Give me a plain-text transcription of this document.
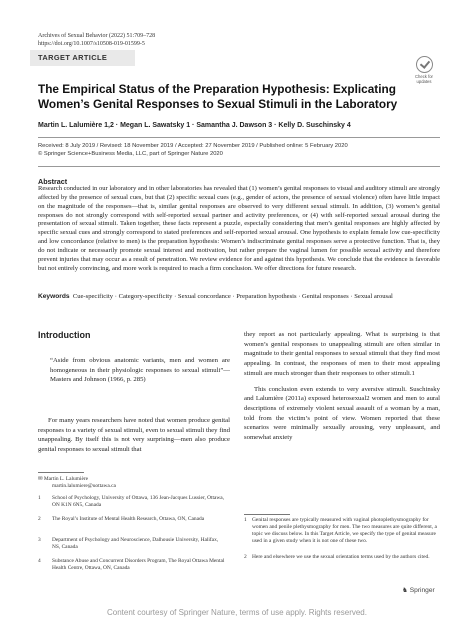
Archives of Sexual Behavior (2022) 51:709–728
https://doi.org/10.1007/s10508-019-01599-5
TARGET ARTICLE
Check for
updates
The Empirical Status of the Preparation Hypothesis: Explicating
Women’s Genital Responses to Sexual Stimuli in the Laboratory
Martin L. Lalumière 1,2 · Megan L. Sawatsky 1 · Samantha J. Dawson 3 · Kelly D. Suschinsky 4
Received: 8 July 2019 / Revised: 18 November 2019 / Accepted: 27 November 2019 / Published online: 5 February 2020
© Springer Science+Business Media, LLC, part of Springer Nature 2020
Abstract
Research conducted in our laboratory and in other laboratories has revealed that (1) women’s genital responses to visual and auditory stimuli are strongly affected by the presence of sexual cues, but that (2) specific sexual cues (e.g., gender of actors, the presence of sexual violence) often have little impact on the magnitude of the responses—that is, similar genital responses are observed to very different sexual stimuli. In addition, (3) women’s genital responses do not strongly correspond with self-reported sexual partner and activity preferences, or (4) with self-reported sexual arousal during the presentation of sexual stimuli. Taken together, these facts represent a puzzle, especially considering that men’s genital responses are highly affected by specific sexual cues and strongly correspond to stated preferences and self-reported sexual arousal. One hypothesis to explain female low cue-specificity and low concordance (relative to men) is the preparation hypothesis: Women’s indiscriminate genital responses serve a protective function. That is, they do not indicate or necessarily promote sexual interest and motivation, but rather prepare the vaginal lumen for possible sexual activity and therefore prevent injuries that may occur as a result of penetration. We review evidence for and against this hypothesis. We conclude that the evidence is favorable but not entirely convincing, and more work is required to reach a firm conclusion. We offer directions for future research.
Keywords Cue-specificity · Category-specificity · Sexual concordance · Preparation hypothesis · Genital responses · Sexual arousal
Introduction
“Aside from obvious anatomic variants, men and women are homogeneous in their physiologic responses to sexual stimuli”—Masters and Johnson (1966, p. 285)
For many years researchers have noted that women produce genital responses to a variety of sexual stimuli, even to sexual stimuli they find unappealing. By itself this is not very surprising—men also produce genital responses to sexual stimuli that
✉ Martin L. Lalumière
martin.lalumiere@uottawa.ca
1 School of Psychology, University of Ottawa, 136 Jean-Jacques Lussier, Ottawa, ON K1N 6N5, Canada
2 The Royal’s Institute of Mental Health Research, Ottawa, ON, Canada
3 Department of Psychology and Neuroscience, Dalhousie University, Halifax, NS, Canada
4 Substance Abuse and Concurrent Disorders Program, The Royal Ottawa Mental Health Centre, Ottawa, ON, Canada
they report as not particularly appealing. What is surprising is that women’s genital responses to unappealing stimuli are often similar in magnitude to their genital responses to sexual stimuli that they find most appealing. In contrast, the responses of men to their most appealing stimuli are much stronger than their responses to other stimuli.1
This conclusion even extends to very aversive stimuli. Suschinsky and Lalumière (2011a) exposed heterosexual2 women and men to aural descriptions of extremely violent sexual assault of a woman by a man, told from the victim’s point of view. Women reported that these scenarios were minimally sexually arousing, very unpleasant, and somewhat anxiety
1 Genital responses are typically measured with vaginal photoplethysmography for women and penile plethysmography for men. The two measures are quite different, a topic we discuss below. In this Target Article, we specify the type of genital measure used in a given study when it is not one of these two.
2 Here and elsewhere we use the sexual orientation terms used by the authors cited.
♞ Springer
Content courtesy of Springer Nature, terms of use apply. Rights reserved.
